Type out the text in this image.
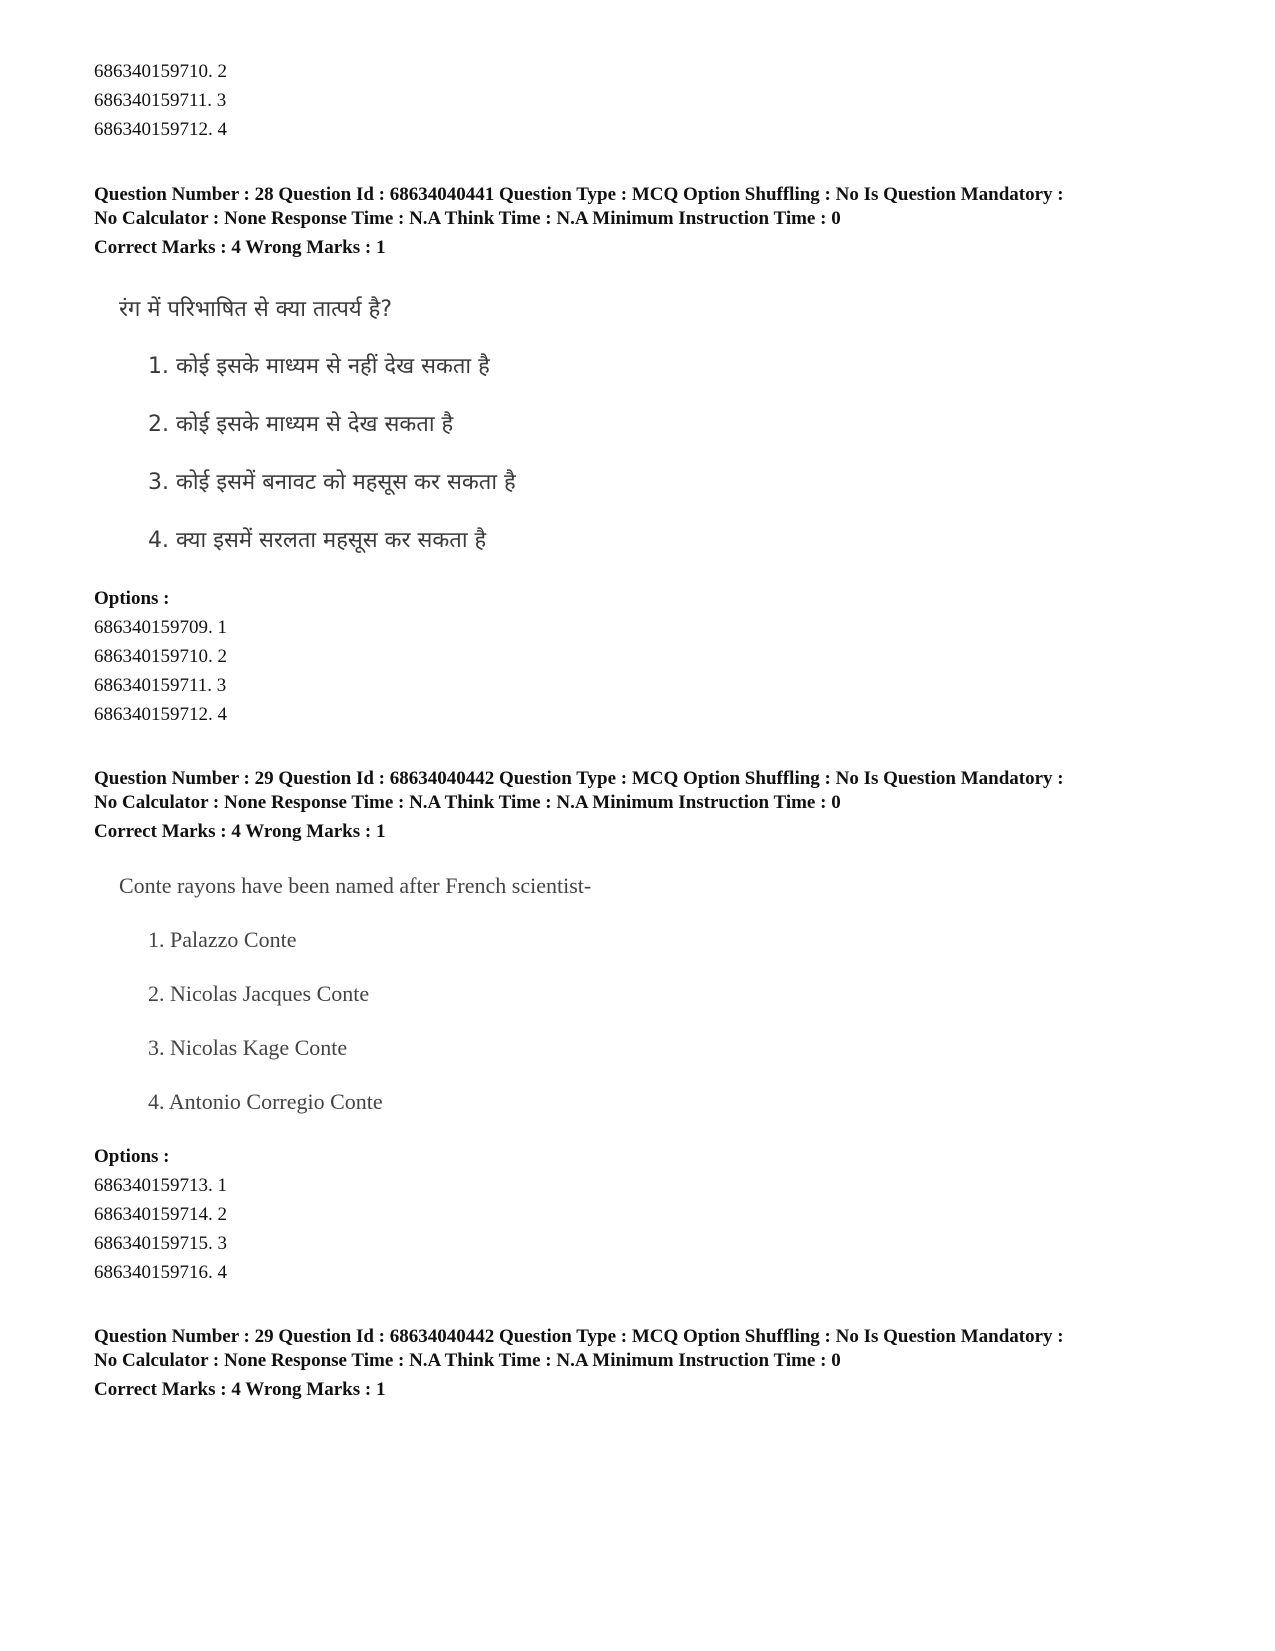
686340159710. 2
686340159711. 3
686340159712. 4
Question Number : 28 Question Id : 68634040441 Question Type : MCQ Option Shuffling : No Is Question Mandatory :
No Calculator : None Response Time : N.A Think Time : N.A Minimum Instruction Time : 0
Correct Marks : 4 Wrong Marks : 1
रंग में परिभाषित से क्या तात्पर्य है?
1. कोई इसके माध्यम से नहीं देख सकता है
2. कोई इसके माध्यम से देख सकता है
3. कोई इसमें बनावट को महसूस कर सकता है
4. क्या इसमें सरलता महसूस कर सकता है
Options :
686340159709. 1
686340159710. 2
686340159711. 3
686340159712. 4
Question Number : 29 Question Id : 68634040442 Question Type : MCQ Option Shuffling : No Is Question Mandatory :
No Calculator : None Response Time : N.A Think Time : N.A Minimum Instruction Time : 0
Correct Marks : 4 Wrong Marks : 1
Conte rayons have been named after French scientist-
1. Palazzo Conte
2. Nicolas Jacques Conte
3. Nicolas Kage Conte
4. Antonio Corregio Conte
Options :
686340159713. 1
686340159714. 2
686340159715. 3
686340159716. 4
Question Number : 29 Question Id : 68634040442 Question Type : MCQ Option Shuffling : No Is Question Mandatory :
No Calculator : None Response Time : N.A Think Time : N.A Minimum Instruction Time : 0
Correct Marks : 4 Wrong Marks : 1
